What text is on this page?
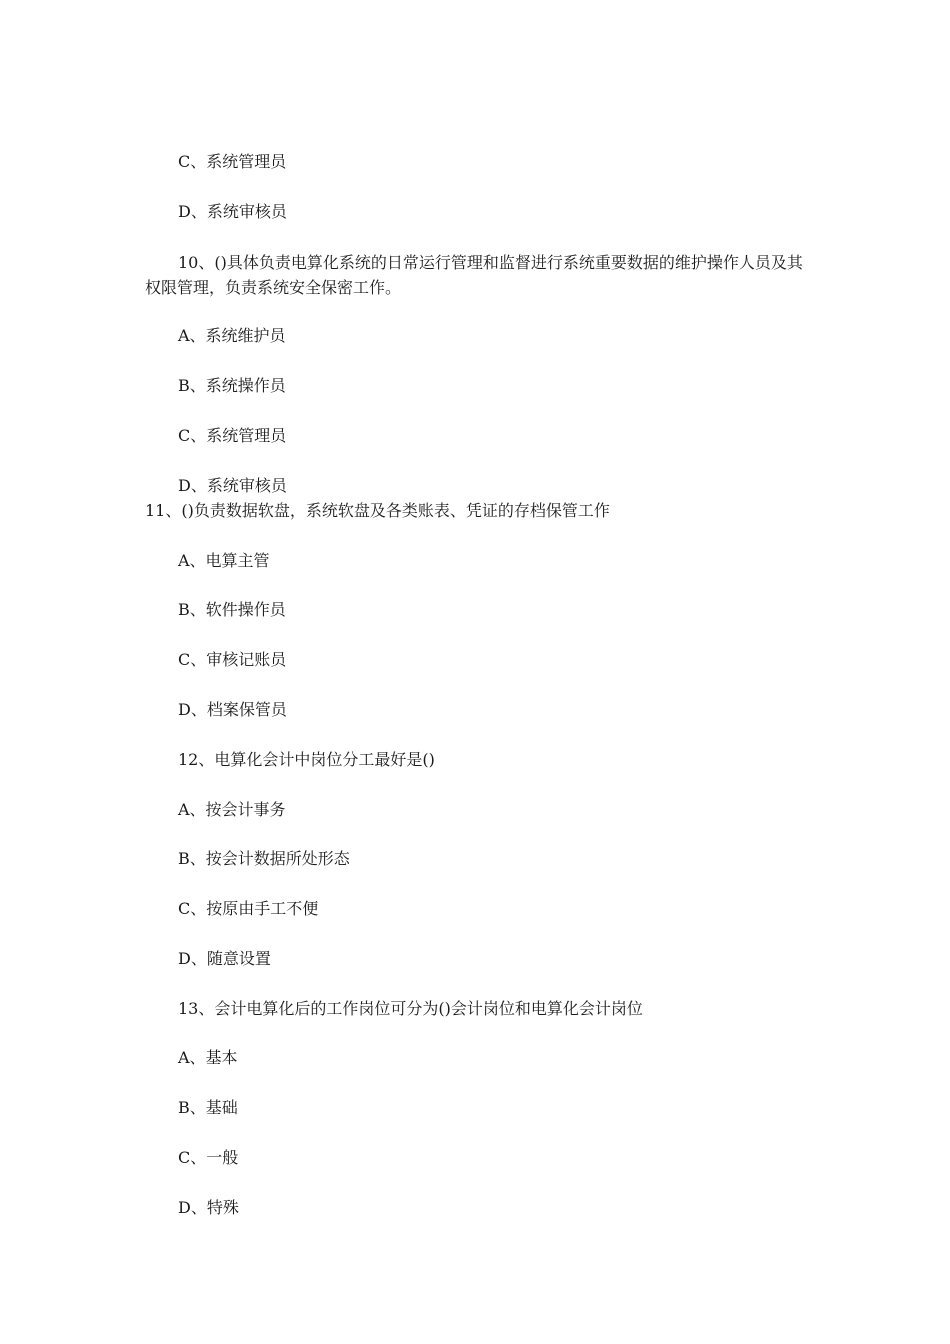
C、系统管理员
D、系统审核员
10、()具体负责电算化系统的日常运行管理和监督进行系统重要数据的维护操作人员及其权限管理，负责系统安全保密工作。
A、系统维护员
B、系统操作员
C、系统管理员
D、系统审核员
11、()负责数据软盘，系统软盘及各类账表、凭证的存档保管工作
A、电算主管
B、软件操作员
C、审核记账员
D、档案保管员
12、电算化会计中岗位分工最好是()
A、按会计事务
B、按会计数据所处形态
C、按原由手工不便
D、随意设置
13、会计电算化后的工作岗位可分为()会计岗位和电算化会计岗位
A、基本
B、基础
C、一般
D、特殊
